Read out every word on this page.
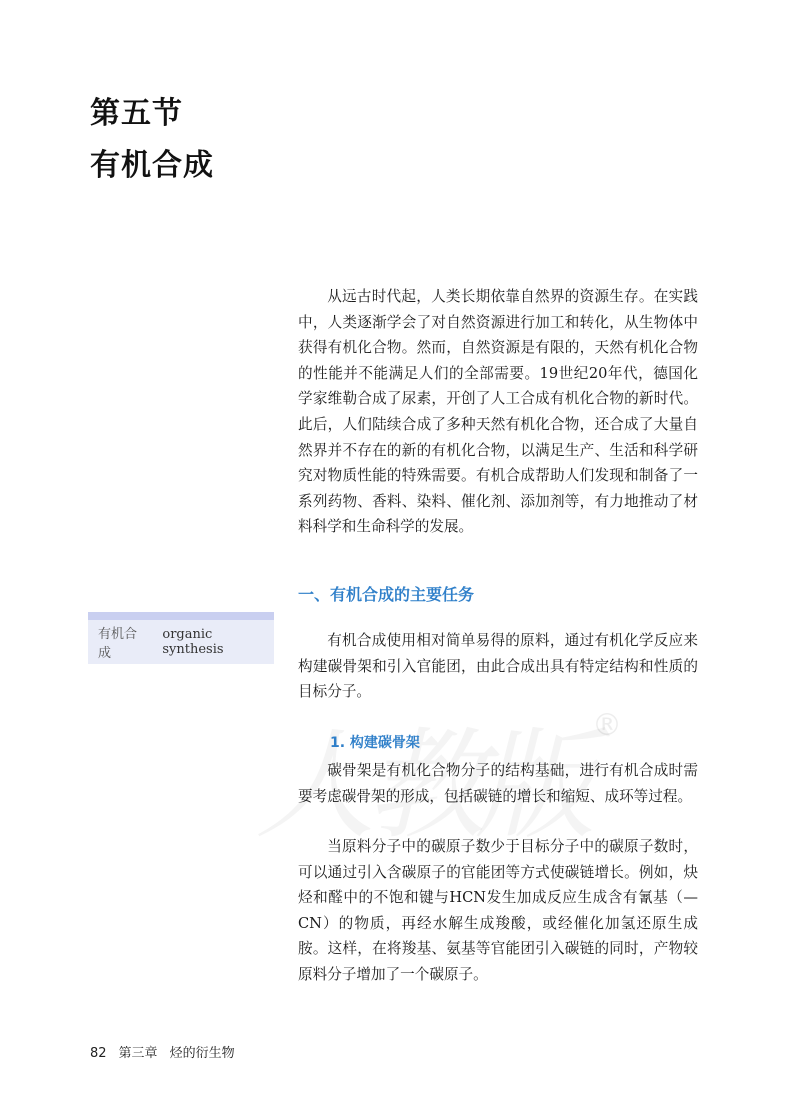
第五节
有机合成

从远古时代起，人类长期依靠自然界的资源生存。在实践中，人类逐渐学会了对自然资源进行加工和转化，从生物体中获得有机化合物。然而，自然资源是有限的，天然有机化合物的性能并不能满足人们的全部需要。19世纪20年代，德国化学家维勒合成了尿素，开创了人工合成有机化合物的新时代。此后，人们陆续合成了多种天然有机化合物，还合成了大量自然界并不存在的新的有机化合物，以满足生产、生活和科学研究对物质性能的特殊需要。有机合成帮助人们发现和制备了一系列药物、香料、染料、催化剂、添加剂等，有力地推动了材料科学和生命科学的发展。

一、有机合成的主要任务
有机合成
organic synthesis

有机合成使用相对简单易得的原料，通过有机化学反应来构建碳骨架和引入官能团，由此合成出具有特定结构和性质的目标分子。

®
1. 构建碳骨架

碳骨架是有机化合物分子的结构基础，进行有机合成时需要考虑碳骨架的形成，包括碳链的增长和缩短、成环等过程。

当原料分子中的碳原子数少于目标分子中的碳原子数时，可以通过引入含碳原子的官能团等方式使碳链增长。例如，炔烃和醛中的不饱和键与HCN发生加成反应生成含有氰基（—CN）的物质，再经水解生成羧酸，或经催化加氢还原生成胺。这样，在将羧基、氨基等官能团引入碳链的同时，产物较原料分子增加了一个碳原子。

82 第三章 烃的衍生物
